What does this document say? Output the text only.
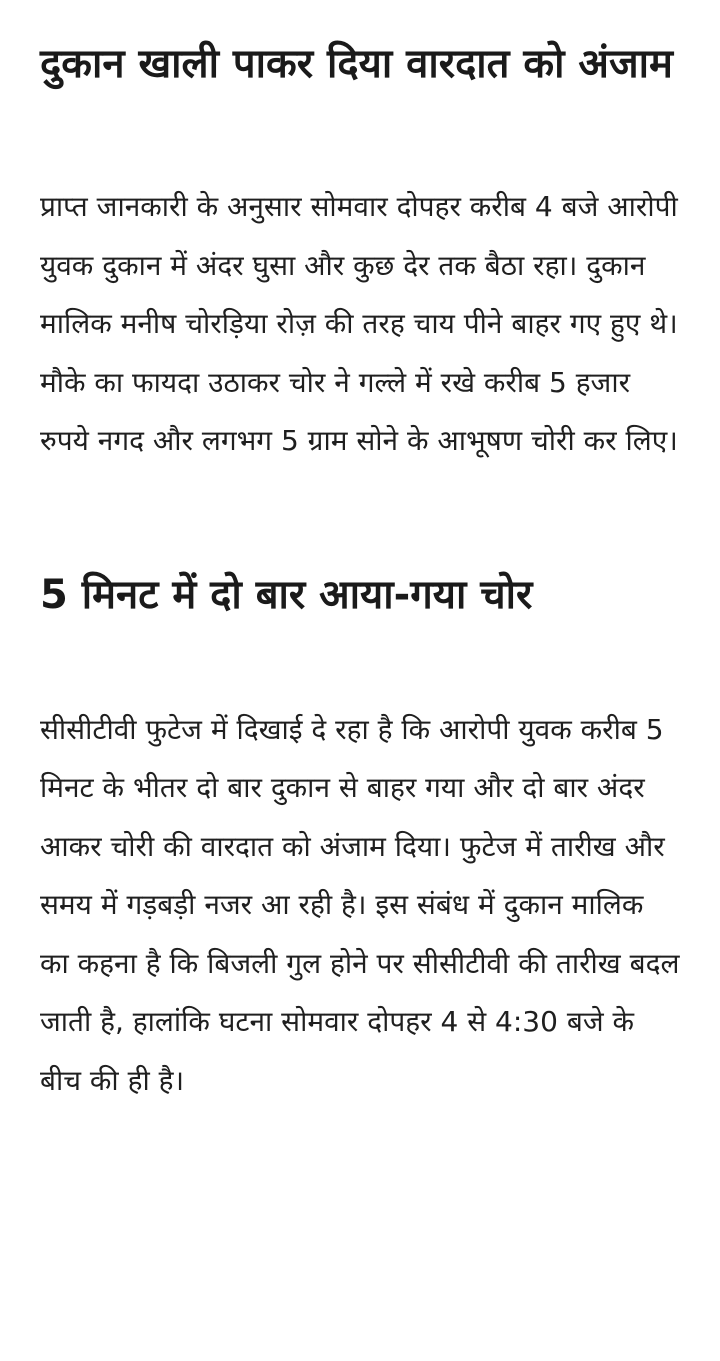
दुकान खाली पाकर दिया वारदात को अंजाम

प्राप्त जानकारी के अनुसार सोमवार दोपहर करीब 4 बजे आरोपी युवक दुकान में अंदर घुसा और कुछ देर तक बैठा रहा। दुकान मालिक मनीष चोरड़िया रोज़ की तरह चाय पीने बाहर गए हुए थे। मौके का फायदा उठाकर चोर ने गल्ले में रखे करीब 5 हजार रुपये नगद और लगभग 5 ग्राम सोने के आभूषण चोरी कर लिए।

5 मिनट में दो बार आया-गया चोर

सीसीटीवी फुटेज में दिखाई दे रहा है कि आरोपी युवक करीब 5 मिनट के भीतर दो बार दुकान से बाहर गया और दो बार अंदर आकर चोरी की वारदात को अंजाम दिया। फुटेज में तारीख और समय में गड़बड़ी नजर आ रही है। इस संबंध में दुकान मालिक का कहना है कि बिजली गुल होने पर सीसीटीवी की तारीख बदल जाती है, हालांकि घटना सोमवार दोपहर 4 से 4:30 बजे के बीच की ही है।
